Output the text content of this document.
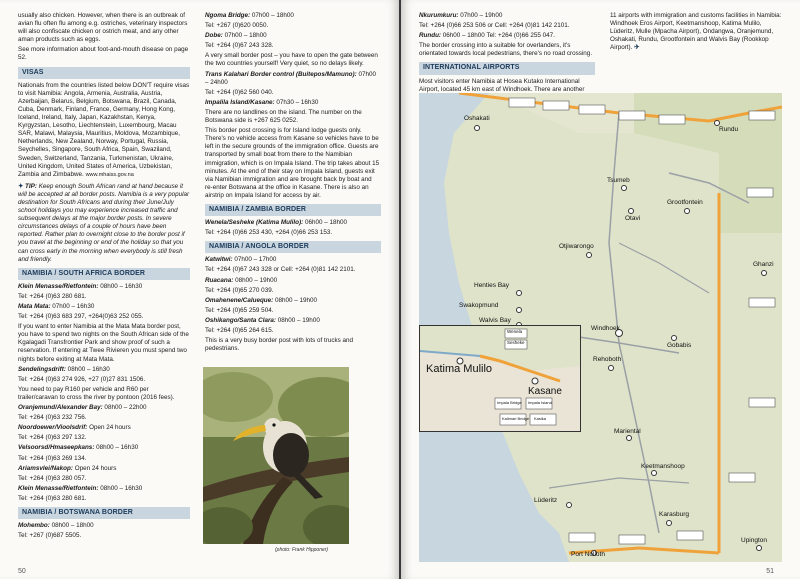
usually also chicken. However, when there is an outbreak of avian flu often flu among e.g. ostriches, veterinary inspectors will also confiscate chicken or ostrich meat, and any other aman products such as eggs.

See more information about foot-and-mouth disease on page 52.

VISAS

Nationals from the countries listed below DON'T require visas to visit Namibia: Angola, Armenia, Australia, Austria, Azerbaijan, Belarus, Belgium, Botswana, Brazil, Canada, Cuba, Denmark, Finland, France, Germany, Hong Kong, Iceland, Ireland, Italy, Japan, Kazakhstan, Kenya, Kyrgyzstan, Lesotho, Liechtenstein, Luxembourg, Macau SAR, Malawi, Malaysia, Mauritius, Moldova, Mozambique, Netherlands, New Zealand, Norway, Portugal, Russia, Seychelles, Singapore, South Africa, Spain, Swaziland, Sweden, Switzerland, Tanzania, Turkmenistan, Ukraine, United Kingdom, United States of America, Uzbekistan, Zambia and Zimbabwe. www.mhaiss.gov.na

✦ TIP: Keep enough South African rand at hand because it will be accepted at all border posts. Namibia is a very popular destination for South Africans and during their June/July school holidays you may experience increased traffic and subsequent delays at the major border posts. In severe circumstances delays of a couple of hours have been reported. Rather plan to overnight close to the border post if you travel at the beginning or end of the holiday so that you can cross early in the morning when everybody is still fresh and friendly.

NAMIBIA / SOUTH AFRICA BORDER

Klein Menasse/Rietfontein: 08h00 – 16h30

Tel: +264 (0)63 280 681.

Mata Mata: 07h00 – 16h30

Tel: +264 (0)63 683 297, +264(0)63 252 055.

If you want to enter Namibia at the Mata Mata border post, you have to spend two nights on the South African side of the Kgalagadi Transfrontier Park and show proof of such a reservation. If entering at Twee Rivieren you must spend two nights before exiting at Mata Mata.

Sendelingsdrift: 08h00 – 16h30

Tel: +264 (0)63 274 926, +27 (0)27 831 1506.

You need to pay R160 per vehicle and R60 per trailer/caravan to cross the river by pontoon (2016 fees).

Oranjemund/Alexander Bay: 08h00 – 22h00

Tel: +264 (0)63 232 756.

Noordoewer/Vioolsdrif: Open 24 hours

Tel: +264 (0)63 297 132.

Velsoorsd/Hmaseepkans: 08h00 – 16h30

Tel: +264 (0)63 269 134.

Ariamsvlei/Nakop: Open 24 hours

Tel: +264 (0)63 280 057.

Klein Menasse/Rietfontein: 08h00 – 16h30

Tel: +264 (0)63 280 681.

NAMIBIA / BOTSWANA BORDER

Mohembo: 08h00 – 18h00

Tel: +267 (0)687 5505.

Ngoma Bridge: 07h00 – 18h00

Tel: +267 (0)620 0050.

Dobe: 07h00 – 18h00

Tel: +264 (0)67 243 328.

A very small border post – you have to open the gate between the two countries yourself! Very quiet, so no delays likely.

Trans Kalahari Border control (Buitepos/Mamuno): 07h00 – 24h00

Tel: +264 (0)62 560 040.

Impalila Island/Kasane: 07h30 – 16h30

There are no landlines on the island. The number on the Botswana side is +267 625 0252.

This border post crossing is for Island lodge guests only. There's no vehicle access from Kasane so vehicles have to be left in the secure grounds of the immigration office. Guests are transported by small boat from there to the Namibian immigration, which is on Impala Island. The trip takes about 15 minutes. At the end of their stay on Impala Island, guests exit via Namibian immigration and are brought back by boat and re-enter Botswana at the office in Kasane. There is also an airstrip on Impala Island for access by air.

NAMIBIA / ZAMBIA BORDER

Wenela/Sesheke (Katima Mulilo): 06h00 – 18h00

Tel: +264 (0)66 253 430, +264 (0)66 253 153.

NAMIBIA / ANGOLA BORDER

Katwitwi: 07h00 – 17h00

Tel: +264 (0)67 243 328 or Cell: +264 (0)81 142 2101.

Ruacana: 08h00 – 19h00

Tel: +264 (0)65 270 039.

Omahenene/Calueque: 08h00 – 19h00

Tel: +264 (0)65 259 504.

Oshikango/Santa Clara: 08h00 – 19h00

Tel: +264 (0)65 264 615.

This is a very busy border post with lots of trucks and pedestrians.

(photo: Frank Hipponer)
50

Nkurumkuru: 07h00 – 19h00

Tel: +264 (0)66 253 506 or Cell: +264 (0)81 142 2101.

Rundu: 06h00 – 18h00 Tel: +264 (0)66 255 047.

The border crossing into a suitable for overlanders, it's orientated towards local pedestrians, there's no road crossing.

INTERNATIONAL AIRPORTS

Most visitors enter Namibia at Hosea Kutako International Airport, located 45 km east of Windhoek. There are another

11 airports with immigration and customs facilities in Namibia: Windhoek Eros Airport, Keetmanshoop, Katima Mulilo, Lüderitz, Mulle (Mpacha Airport), Ondangwa, Oranjemund, Oshakati, Rundu, Grootfontein and Walvis Bay (Rookkop Airport). ✈

51
Oshakati
Rundu
Tsumeb
Grootfontein
Otavi
Otjiwarongo
Henties Bay
Swakopmund
Walvis Bay
Windhoek
Gobabis
Rehoboth
Mariental
Keetmanshoop
Lüderitz
Karasburg
Upington
Port Nolloth
Ghanzi
Katima Mulilo
Kasane
Wenela
Sesheke
Impala Bridge Impala Island
Kalimari Bridge Kasika
